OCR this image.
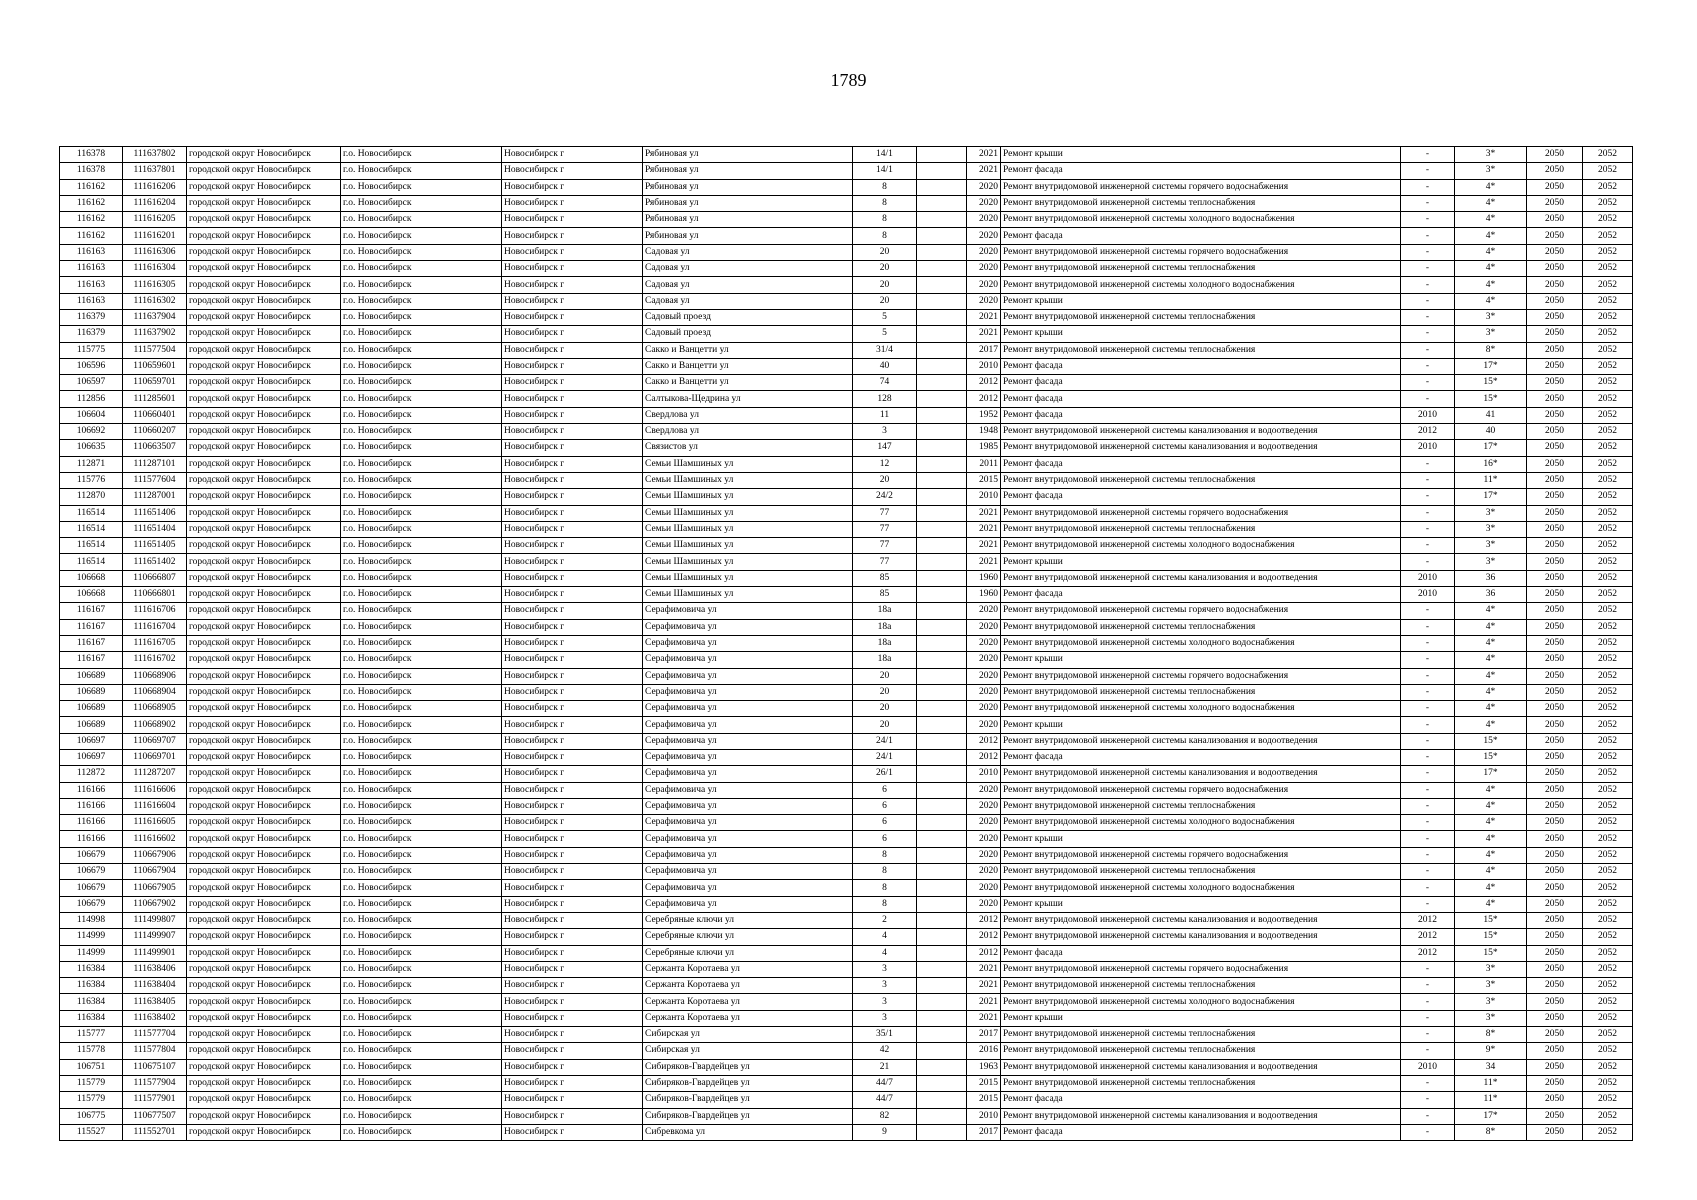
1789
116378	111637802	городской округ Новосибирск	г.о. Новосибирск	Новосибирск г	Рябиновая ул	14/1		2021	Ремонт крыши	-	3*	2050	2052
116378	111637801	городской округ Новосибирск	г.о. Новосибирск	Новосибирск г	Рябиновая ул	14/1		2021	Ремонт фасада	-	3*	2050	2052
116162	111616206	городской округ Новосибирск	г.о. Новосибирск	Новосибирск г	Рябиновая ул	8		2020	Ремонт внутридомовой инженерной системы горячего водоснабжения	-	4*	2050	2052
116162	111616204	городской округ Новосибирск	г.о. Новосибирск	Новосибирск г	Рябиновая ул	8		2020	Ремонт внутридомовой инженерной системы теплоснабжения	-	4*	2050	2052
116162	111616205	городской округ Новосибирск	г.о. Новосибирск	Новосибирск г	Рябиновая ул	8		2020	Ремонт внутридомовой инженерной системы холодного водоснабжения	-	4*	2050	2052
116162	111616201	городской округ Новосибирск	г.о. Новосибирск	Новосибирск г	Рябиновая ул	8		2020	Ремонт фасада	-	4*	2050	2052
116163	111616306	городской округ Новосибирск	г.о. Новосибирск	Новосибирск г	Садовая ул	20		2020	Ремонт внутридомовой инженерной системы горячего водоснабжения	-	4*	2050	2052
116163	111616304	городской округ Новосибирск	г.о. Новосибирск	Новосибирск г	Садовая ул	20		2020	Ремонт внутридомовой инженерной системы теплоснабжения	-	4*	2050	2052
116163	111616305	городской округ Новосибирск	г.о. Новосибирск	Новосибирск г	Садовая ул	20		2020	Ремонт внутридомовой инженерной системы холодного водоснабжения	-	4*	2050	2052
116163	111616302	городской округ Новосибирск	г.о. Новосибирск	Новосибирск г	Садовая ул	20		2020	Ремонт крыши	-	4*	2050	2052
116379	111637904	городской округ Новосибирск	г.о. Новосибирск	Новосибирск г	Садовый проезд	5		2021	Ремонт внутридомовой инженерной системы теплоснабжения	-	3*	2050	2052
116379	111637902	городской округ Новосибирск	г.о. Новосибирск	Новосибирск г	Садовый проезд	5		2021	Ремонт крыши	-	3*	2050	2052
115775	111577504	городской округ Новосибирск	г.о. Новосибирск	Новосибирск г	Сакко и Ванцетти ул	31/4		2017	Ремонт внутридомовой инженерной системы теплоснабжения	-	8*	2050	2052
106596	110659601	городской округ Новосибирск	г.о. Новосибирск	Новосибирск г	Сакко и Ванцетти ул	40		2010	Ремонт фасада	-	17*	2050	2052
106597	110659701	городской округ Новосибирск	г.о. Новосибирск	Новосибирск г	Сакко и Ванцетти ул	74		2012	Ремонт фасада	-	15*	2050	2052
112856	111285601	городской округ Новосибирск	г.о. Новосибирск	Новосибирск г	Салтыкова-Щедрина ул	128		2012	Ремонт фасада	-	15*	2050	2052
106604	110660401	городской округ Новосибирск	г.о. Новосибирск	Новосибирск г	Свердлова ул	11		1952	Ремонт фасада	2010	41	2050	2052
106692	110660207	городской округ Новосибирск	г.о. Новосибирск	Новосибирск г	Свердлова ул	3		1948	Ремонт внутридомовой инженерной системы канализования и водоотведения	2012	40	2050	2052
106635	110663507	городской округ Новосибирск	г.о. Новосибирск	Новосибирск г	Связистов ул	147		1985	Ремонт внутридомовой инженерной системы канализования и водоотведения	2010	17*	2050	2052
112871	111287101	городской округ Новосибирск	г.о. Новосибирск	Новосибирск г	Семьи Шамшиных ул	12		2011	Ремонт фасада	-	16*	2050	2052
115776	111577604	городской округ Новосибирск	г.о. Новосибирск	Новосибирск г	Семьи Шамшиных ул	20		2015	Ремонт внутридомовой инженерной системы теплоснабжения	-	11*	2050	2052
112870	111287001	городской округ Новосибирск	г.о. Новосибирск	Новосибирск г	Семьи Шамшиных ул	24/2		2010	Ремонт фасада	-	17*	2050	2052
116514	111651406	городской округ Новосибирск	г.о. Новосибирск	Новосибирск г	Семьи Шамшиных ул	77		2021	Ремонт внутридомовой инженерной системы горячего водоснабжения	-	3*	2050	2052
116514	111651404	городской округ Новосибирск	г.о. Новосибирск	Новосибирск г	Семьи Шамшиных ул	77		2021	Ремонт внутридомовой инженерной системы теплоснабжения	-	3*	2050	2052
116514	111651405	городской округ Новосибирск	г.о. Новосибирск	Новосибирск г	Семьи Шамшиных ул	77		2021	Ремонт внутридомовой инженерной системы холодного водоснабжения	-	3*	2050	2052
116514	111651402	городской округ Новосибирск	г.о. Новосибирск	Новосибирск г	Семьи Шамшиных ул	77		2021	Ремонт крыши	-	3*	2050	2052
106668	110666807	городской округ Новосибирск	г.о. Новосибирск	Новосибирск г	Семьи Шамшиных ул	85		1960	Ремонт внутридомовой инженерной системы канализования и водоотведения	2010	36	2050	2052
106668	110666801	городской округ Новосибирск	г.о. Новосибирск	Новосибирск г	Семьи Шамшиных ул	85		1960	Ремонт фасада	2010	36	2050	2052
116167	111616706	городской округ Новосибирск	г.о. Новосибирск	Новосибирск г	Серафимовича ул	18а		2020	Ремонт внутридомовой инженерной системы горячего водоснабжения	-	4*	2050	2052
116167	111616704	городской округ Новосибирск	г.о. Новосибирск	Новосибирск г	Серафимовича ул	18а		2020	Ремонт внутридомовой инженерной системы теплоснабжения	-	4*	2050	2052
116167	111616705	городской округ Новосибирск	г.о. Новосибирск	Новосибирск г	Серафимовича ул	18а		2020	Ремонт внутридомовой инженерной системы холодного водоснабжения	-	4*	2050	2052
116167	111616702	городской округ Новосибирск	г.о. Новосибирск	Новосибирск г	Серафимовича ул	18а		2020	Ремонт крыши	-	4*	2050	2052
106689	110668906	городской округ Новосибирск	г.о. Новосибирск	Новосибирск г	Серафимовича ул	20		2020	Ремонт внутридомовой инженерной системы горячего водоснабжения	-	4*	2050	2052
106689	110668904	городской округ Новосибирск	г.о. Новосибирск	Новосибирск г	Серафимовича ул	20		2020	Ремонт внутридомовой инженерной системы теплоснабжения	-	4*	2050	2052
106689	110668905	городской округ Новосибирск	г.о. Новосибирск	Новосибирск г	Серафимовича ул	20		2020	Ремонт внутридомовой инженерной системы холодного водоснабжения	-	4*	2050	2052
106689	110668902	городской округ Новосибирск	г.о. Новосибирск	Новосибирск г	Серафимовича ул	20		2020	Ремонт крыши	-	4*	2050	2052
106697	110669707	городской округ Новосибирск	г.о. Новосибирск	Новосибирск г	Серафимовича ул	24/1		2012	Ремонт внутридомовой инженерной системы канализования и водоотведения	-	15*	2050	2052
106697	110669701	городской округ Новосибирск	г.о. Новосибирск	Новосибирск г	Серафимовича ул	24/1		2012	Ремонт фасада	-	15*	2050	2052
112872	111287207	городской округ Новосибирск	г.о. Новосибирск	Новосибирск г	Серафимовича ул	26/1		2010	Ремонт внутридомовой инженерной системы канализования и водоотведения	-	17*	2050	2052
116166	111616606	городской округ Новосибирск	г.о. Новосибирск	Новосибирск г	Серафимовича ул	6		2020	Ремонт внутридомовой инженерной системы горячего водоснабжения	-	4*	2050	2052
116166	111616604	городской округ Новосибирск	г.о. Новосибирск	Новосибирск г	Серафимовича ул	6		2020	Ремонт внутридомовой инженерной системы теплоснабжения	-	4*	2050	2052
116166	111616605	городской округ Новосибирск	г.о. Новосибирск	Новосибирск г	Серафимовича ул	6		2020	Ремонт внутридомовой инженерной системы холодного водоснабжения	-	4*	2050	2052
116166	111616602	городской округ Новосибирск	г.о. Новосибирск	Новосибирск г	Серафимовича ул	6		2020	Ремонт крыши	-	4*	2050	2052
106679	110667906	городской округ Новосибирск	г.о. Новосибирск	Новосибирск г	Серафимовича ул	8		2020	Ремонт внутридомовой инженерной системы горячего водоснабжения	-	4*	2050	2052
106679	110667904	городской округ Новосибирск	г.о. Новосибирск	Новосибирск г	Серафимовича ул	8		2020	Ремонт внутридомовой инженерной системы теплоснабжения	-	4*	2050	2052
106679	110667905	городской округ Новосибирск	г.о. Новосибирск	Новосибирск г	Серафимовича ул	8		2020	Ремонт внутридомовой инженерной системы холодного водоснабжения	-	4*	2050	2052
106679	110667902	городской округ Новосибирск	г.о. Новосибирск	Новосибирск г	Серафимовича ул	8		2020	Ремонт крыши	-	4*	2050	2052
114998	111499807	городской округ Новосибирск	г.о. Новосибирск	Новосибирск г	Серебряные ключи ул	2		2012	Ремонт внутридомовой инженерной системы канализования и водоотведения	2012	15*	2050	2052
114999	111499907	городской округ Новосибирск	г.о. Новосибирск	Новосибирск г	Серебряные ключи ул	4		2012	Ремонт внутридомовой инженерной системы канализования и водоотведения	2012	15*	2050	2052
114999	111499901	городской округ Новосибирск	г.о. Новосибирск	Новосибирск г	Серебряные ключи ул	4		2012	Ремонт фасада	2012	15*	2050	2052
116384	111638406	городской округ Новосибирск	г.о. Новосибирск	Новосибирск г	Сержанта Коротаева ул	3		2021	Ремонт внутридомовой инженерной системы горячего водоснабжения	-	3*	2050	2052
116384	111638404	городской округ Новосибирск	г.о. Новосибирск	Новосибирск г	Сержанта Коротаева ул	3		2021	Ремонт внутридомовой инженерной системы теплоснабжения	-	3*	2050	2052
116384	111638405	городской округ Новосибирск	г.о. Новосибирск	Новосибирск г	Сержанта Коротаева ул	3		2021	Ремонт внутридомовой инженерной системы холодного водоснабжения	-	3*	2050	2052
116384	111638402	городской округ Новосибирск	г.о. Новосибирск	Новосибирск г	Сержанта Коротаева ул	3		2021	Ремонт крыши	-	3*	2050	2052
115777	111577704	городской округ Новосибирск	г.о. Новосибирск	Новосибирск г	Сибирская ул	35/1		2017	Ремонт внутридомовой инженерной системы теплоснабжения	-	8*	2050	2052
115778	111577804	городской округ Новосибирск	г.о. Новосибирск	Новосибирск г	Сибирская ул	42		2016	Ремонт внутридомовой инженерной системы теплоснабжения	-	9*	2050	2052
106751	110675107	городской округ Новосибирск	г.о. Новосибирск	Новосибирск г	Сибиряков-Гвардейцев ул	21		1963	Ремонт внутридомовой инженерной системы канализования и водоотведения	2010	34	2050	2052
115779	111577904	городской округ Новосибирск	г.о. Новосибирск	Новосибирск г	Сибиряков-Гвардейцев ул	44/7		2015	Ремонт внутридомовой инженерной системы теплоснабжения	-	11*	2050	2052
115779	111577901	городской округ Новосибирск	г.о. Новосибирск	Новосибирск г	Сибиряков-Гвардейцев ул	44/7		2015	Ремонт фасада	-	11*	2050	2052
106775	110677507	городской округ Новосибирск	г.о. Новосибирск	Новосибирск г	Сибиряков-Гвардейцев ул	82		2010	Ремонт внутридомовой инженерной системы канализования и водоотведения	-	17*	2050	2052
115527	111552701	городской округ Новосибирск	г.о. Новосибирск	Новосибирск г	Сибревкома ул	9		2017	Ремонт фасада	-	8*	2050	2052
